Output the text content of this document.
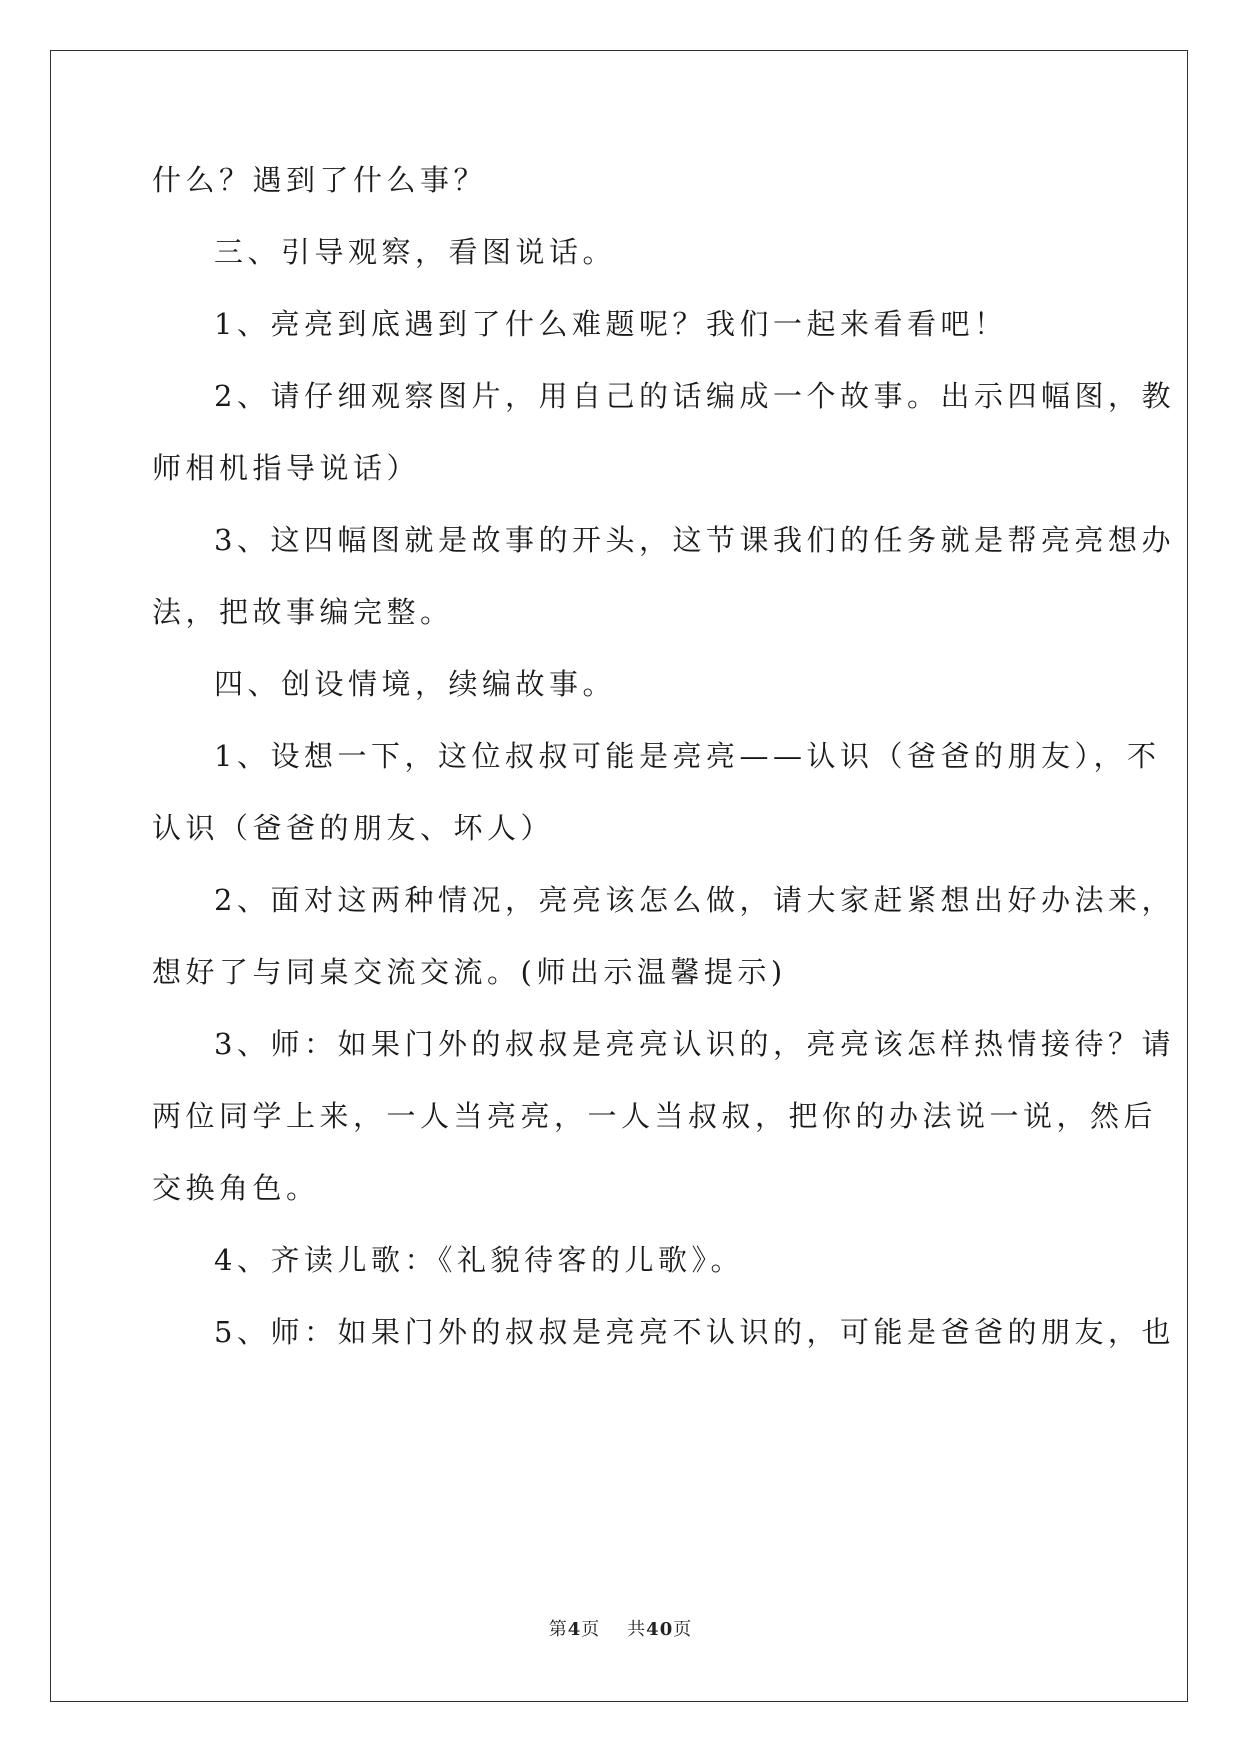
什么？遇到了什么事？
三、引导观察，看图说话。
1、亮亮到底遇到了什么难题呢？我们一起来看看吧！
2、请仔细观察图片，用自己的话编成一个故事。出示四幅图，教
师相机指导说话）
3、这四幅图就是故事的开头，这节课我们的任务就是帮亮亮想办
法，把故事编完整。
四、创设情境，续编故事。
1、设想一下，这位叔叔可能是亮亮——认识（爸爸的朋友），不
认识（爸爸的朋友、坏人）
2、面对这两种情况，亮亮该怎么做，请大家赶紧想出好办法来，
想好了与同桌交流交流。(师出示温馨提示)
3、师：如果门外的叔叔是亮亮认识的，亮亮该怎样热情接待？请
两位同学上来，一人当亮亮，一人当叔叔，把你的办法说一说，然后
交换角色。
4、齐读儿歌：《礼貌待客的儿歌》。
5、师：如果门外的叔叔是亮亮不认识的，可能是爸爸的朋友，也
第4页 共40页
